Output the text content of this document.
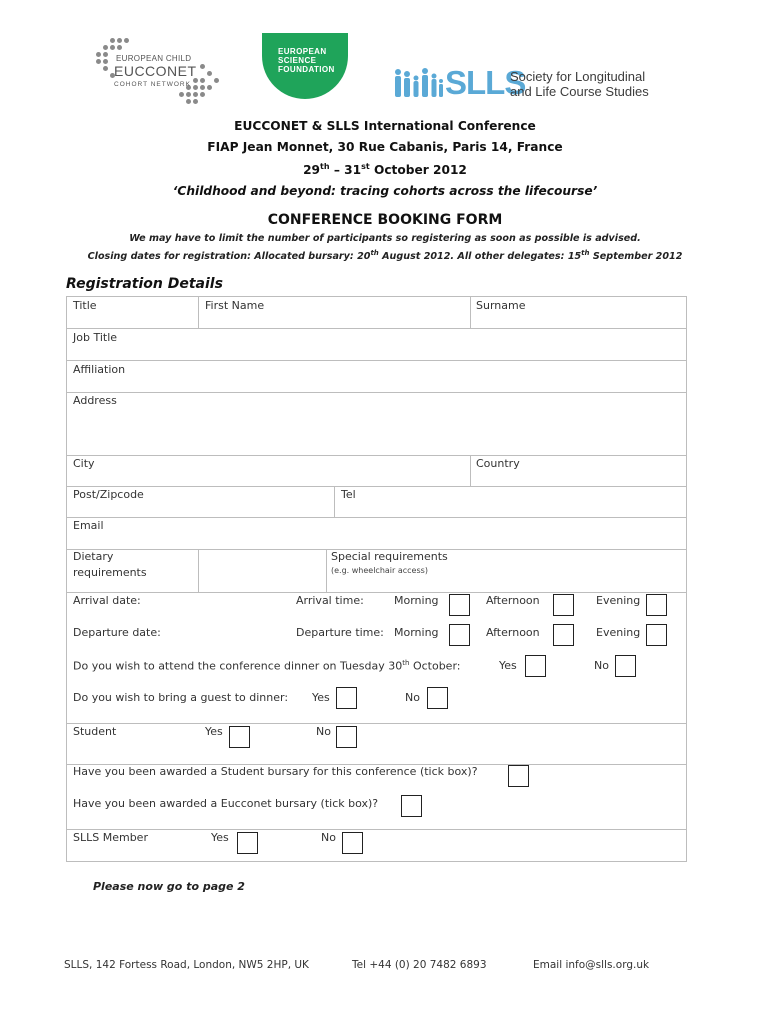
EUROPEAN CHILD
EUCCONET
COHORT NETWORK
EUROPEAN
SCIENCE
FOUNDATION	SLLS
Society for Longitudinal
and Life Course Studies
EUCCONET & SLLS International Conference
FIAP Jean Monnet, 30 Rue Cabanis, Paris 14, France
29th – 31st October 2012
‘Childhood and beyond: tracing cohorts across the lifecourse’
CONFERENCE BOOKING FORM
We may have to limit the number of participants so registering as soon as possible is advised.
Closing dates for registration: Allocated bursary: 20th August 2012. All other delegates: 15th September 2012
Registration Details
Title	First Name	Surname
Job Title
Affiliation
Address
City	Country
Post/Zipcode	Tel
Email
Dietary
requirements
Special requirements
(e.g. wheelchair access)
Arrival date:	Arrival time:	Morning	Afternoon	Evening
Departure date:	Departure time: Morning	Afternoon	Evening
Do you wish to attend the conference dinner on Tuesday 30th October:	Yes	No
Do you wish to bring a guest to dinner: Yes	No
Student	Yes	No
Have you been awarded a Student bursary for this conference (tick box)?
Have you been awarded a Eucconet bursary (tick box)?
SLLS Member	Yes	No
Please now go to page 2
SLLS, 142 Fortess Road, London, NW5 2HP, UK	Tel +44 (0) 20 7482 6893	Email info@slls.org.uk
